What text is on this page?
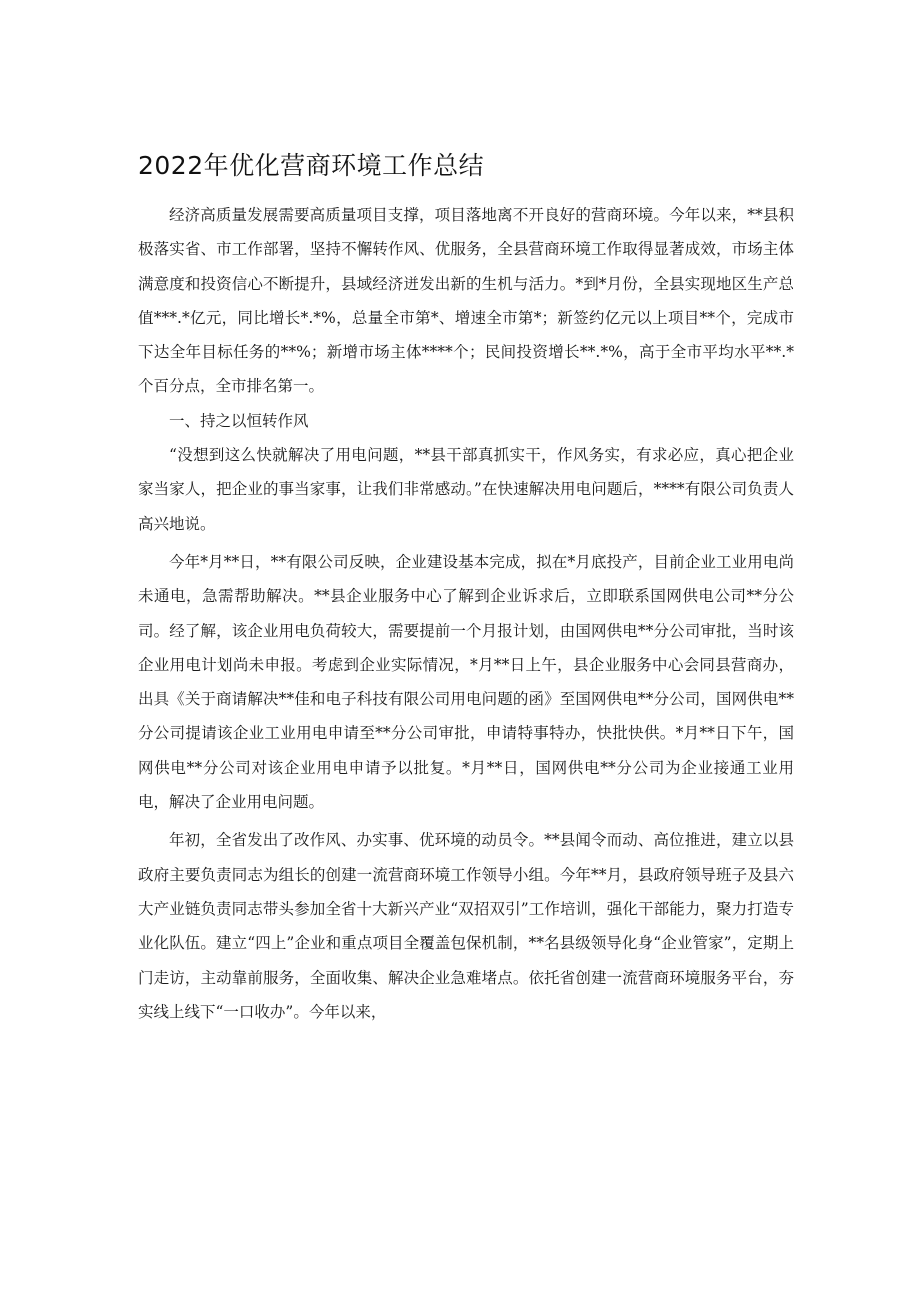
2022年优化营商环境工作总结

经济高质量发展需要高质量项目支撑，项目落地离不开良好的营商环境。今年以来，**县积极落实省、市工作部署，坚持不懈转作风、优服务，全县营商环境工作取得显著成效，市场主体满意度和投资信心不断提升，县域经济迸发出新的生机与活力。*到*月份，全县实现地区生产总值***.*亿元，同比增长*.*%，总量全市第*、增速全市第*；新签约亿元以上项目**个，完成市下达全年目标任务的**%；新增市场主体****个；民间投资增长**.*%，高于全市平均水平**.*个百分点，全市排名第一。

一、持之以恒转作风

“没想到这么快就解决了用电问题，**县干部真抓实干，作风务实，有求必应，真心把企业家当家人，把企业的事当家事，让我们非常感动。”在快速解决用电问题后，****有限公司负责人高兴地说。

今年*月**日，**有限公司反映，企业建设基本完成，拟在*月底投产，目前企业工业用电尚未通电，急需帮助解决。**县企业服务中心了解到企业诉求后，立即联系国网供电公司**分公司。经了解，该企业用电负荷较大，需要提前一个月报计划，由国网供电**分公司审批，当时该企业用电计划尚未申报。考虑到企业实际情况，*月**日上午，县企业服务中心会同县营商办，出具《关于商请解决**佳和电子科技有限公司用电问题的函》至国网供电**分公司，国网供电**分公司提请该企业工业用电申请至**分公司审批，申请特事特办，快批快供。*月**日下午，国网供电**分公司对该企业用电申请予以批复。*月**日，国网供电**分公司为企业接通工业用电，解决了企业用电问题。

年初，全省发出了改作风、办实事、优环境的动员令。**县闻令而动、高位推进，建立以县政府主要负责同志为组长的创建一流营商环境工作领导小组。今年**月，县政府领导班子及县六大产业链负责同志带头参加全省十大新兴产业“双招双引”工作培训，强化干部能力，聚力打造专业化队伍。建立“四上”企业和重点项目全覆盖包保机制，**名县级领导化身“企业管家”，定期上门走访，主动靠前服务，全面收集、解决企业急难堵点。依托省创建一流营商环境服务平台，夯实线上线下“一口收办”。今年以来，
